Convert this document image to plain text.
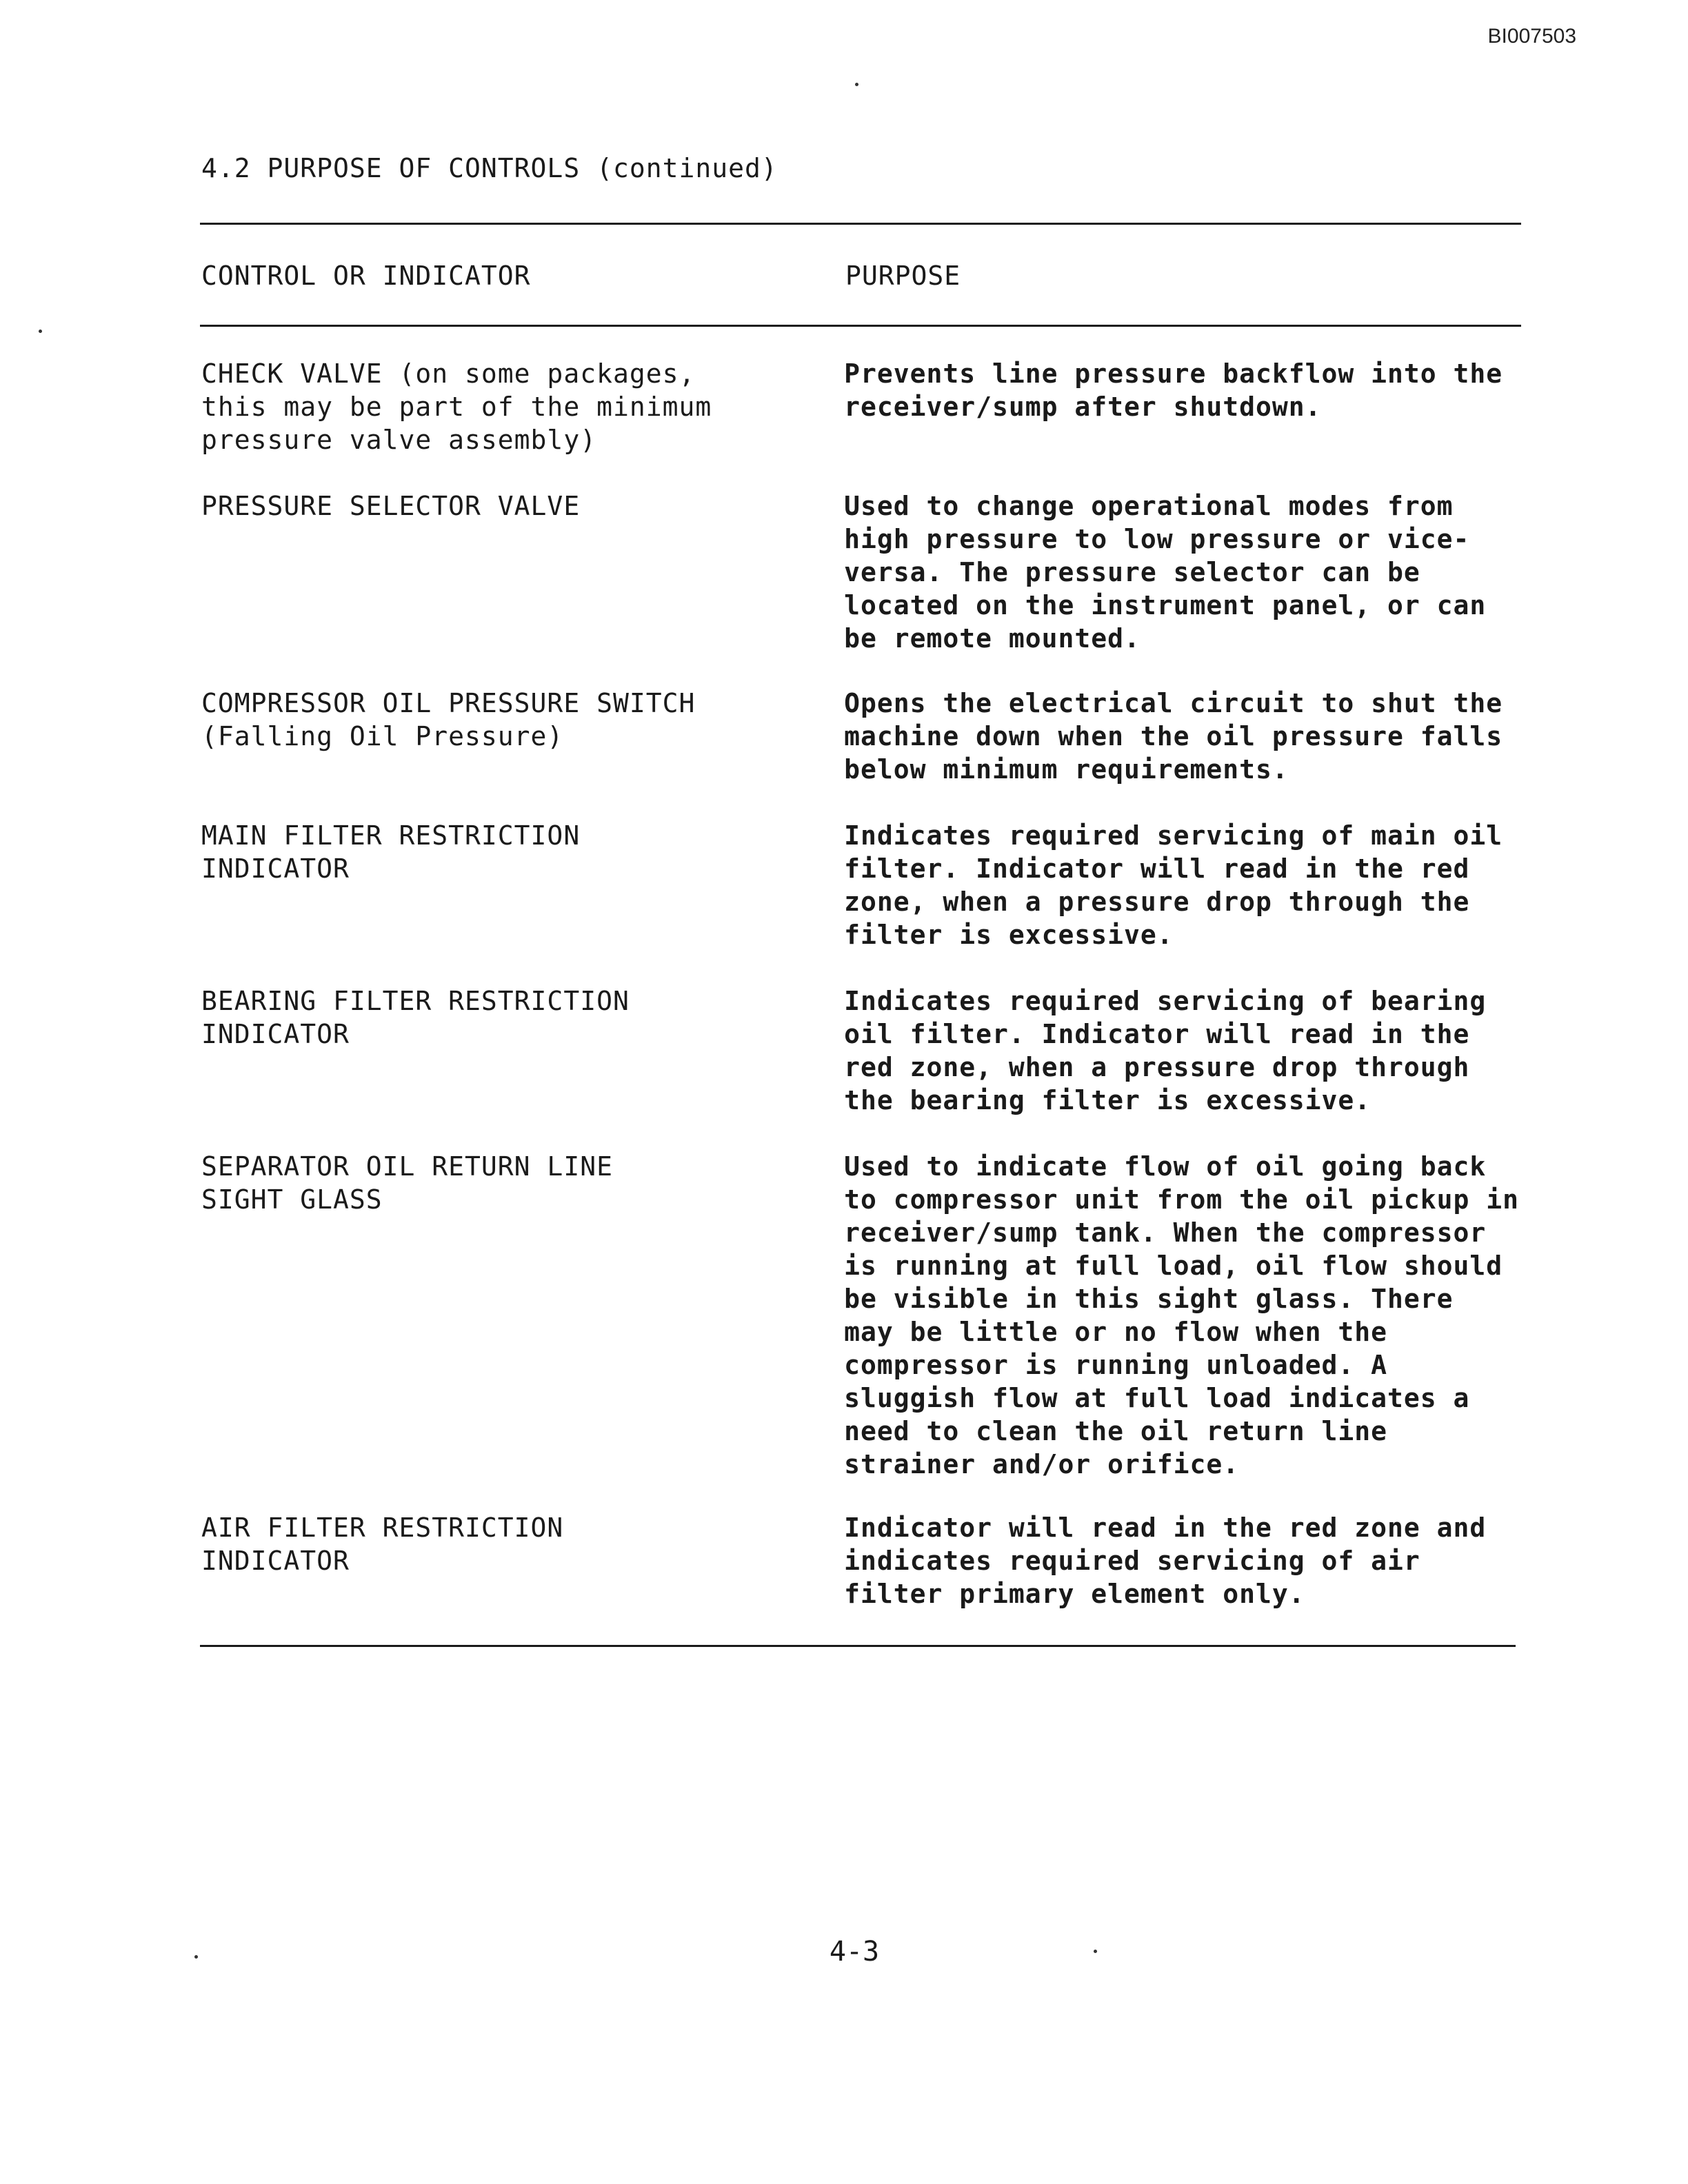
BI007503
4.2 PURPOSE OF CONTROLS (continued)
CONTROL OR INDICATOR	PURPOSE
CHECK VALVE (on some packages,
this may be part of the minimum
pressure valve assembly)
Prevents line pressure backflow into the
receiver/sump after shutdown.
PRESSURE SELECTOR VALVE	Used to change operational modes from
high pressure to low pressure or vice-
versa. The pressure selector can be
located on the instrument panel, or can
be remote mounted.
COMPRESSOR OIL PRESSURE SWITCH
(Falling Oil Pressure)
Opens the electrical circuit to shut the
machine down when the oil pressure falls
below minimum requirements.
MAIN FILTER RESTRICTION
INDICATOR
Indicates required servicing of main oil
filter. Indicator will read in the red
zone, when a pressure drop through the
filter is excessive.
BEARING FILTER RESTRICTION
INDICATOR
Indicates required servicing of bearing
oil filter. Indicator will read in the
red zone, when a pressure drop through
the bearing filter is excessive.
SEPARATOR OIL RETURN LINE
SIGHT GLASS
Used to indicate flow of oil going back
to compressor unit from the oil pickup in
receiver/sump tank. When the compressor
is running at full load, oil flow should
be visible in this sight glass. There
may be little or no flow when the
compressor is running unloaded. A
sluggish flow at full load indicates a
need to clean the oil return line
strainer and/or orifice.
AIR FILTER RESTRICTION
INDICATOR
Indicator will read in the red zone and
indicates required servicing of air
filter primary element only.
4-3
